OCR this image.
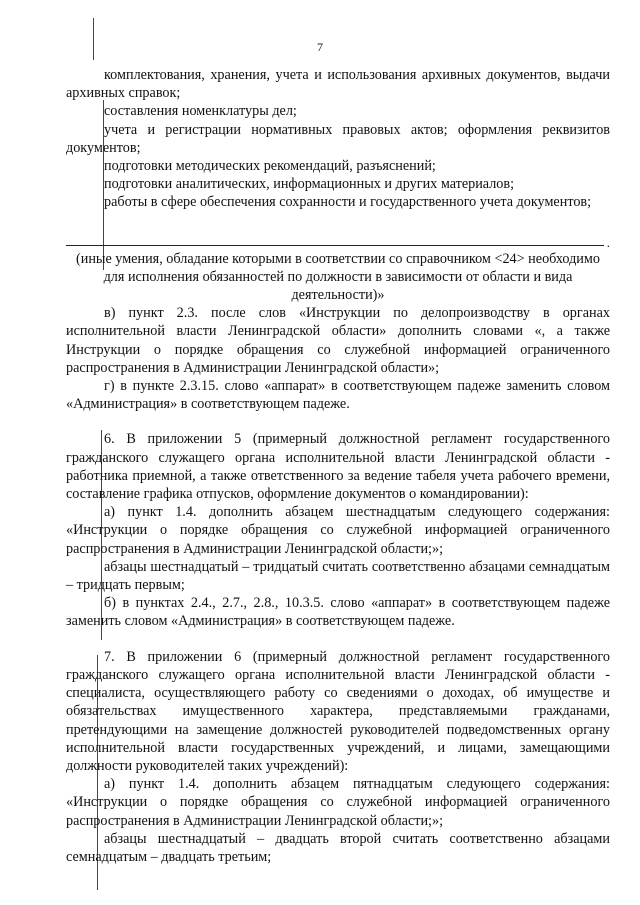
7

комплектования, хранения, учета и использования архивных документов, выдачи архивных справок;

составления номенклатуры дел;

учета и регистрации нормативных правовых актов; оформления реквизитов документов;

подготовки методических рекомендаций, разъяснений;

подготовки аналитических, информационных и других материалов;

работы в сфере обеспечения сохранности и государственного учета документов;

.

(иные умения, обладание которыми в соответствии со справочником <24> необходимо для исполнения обязанностей по должности в зависимости от области и вида деятельности)»

в) пункт 2.3. после слов «Инструкции по делопроизводству в органах исполнительной власти Ленинградской области» дополнить словами «, а также Инструкции о порядке обращения со служебной информацией ограниченного распространения в Администрации Ленинградской области»;

г) в пункте 2.3.15. слово «аппарат» в соответствующем падеже заменить словом «Администрация» в соответствующем падеже.

6. В приложении 5 (примерный должностной регламент государственного гражданского служащего органа исполнительной власти Ленинградской области - работника приемной, а также ответственного за ведение табеля учета рабочего времени, составление графика отпусков, оформление документов о командировании):

а) пункт 1.4. дополнить абзацем шестнадцатым следующего содержания: «Инструкции о порядке обращения со служебной информацией ограниченного распространения в Администрации Ленинградской области;»;

абзацы шестнадцатый – тридцатый считать соответственно абзацами семнадцатым – тридцать первым;

б) в пунктах 2.4., 2.7., 2.8., 10.3.5. слово «аппарат» в соответствующем падеже заменить словом «Администрация» в соответствующем падеже.

7. В приложении 6 (примерный должностной регламент государственного гражданского служащего органа исполнительной власти Ленинградской области - специалиста, осуществляющего работу со сведениями о доходах, об имуществе и обязательствах имущественного характера, представляемыми гражданами, претендующими на замещение должностей руководителей подведомственных органу исполнительной власти государственных учреждений, и лицами, замещающими должности руководителей таких учреждений):

а) пункт 1.4. дополнить абзацем пятнадцатым следующего содержания: «Инструкции о порядке обращения со служебной информацией ограниченного распространения в Администрации Ленинградской области;»;

абзацы шестнадцатый – двадцать второй считать соответственно абзацами семнадцатым – двадцать третьим;
